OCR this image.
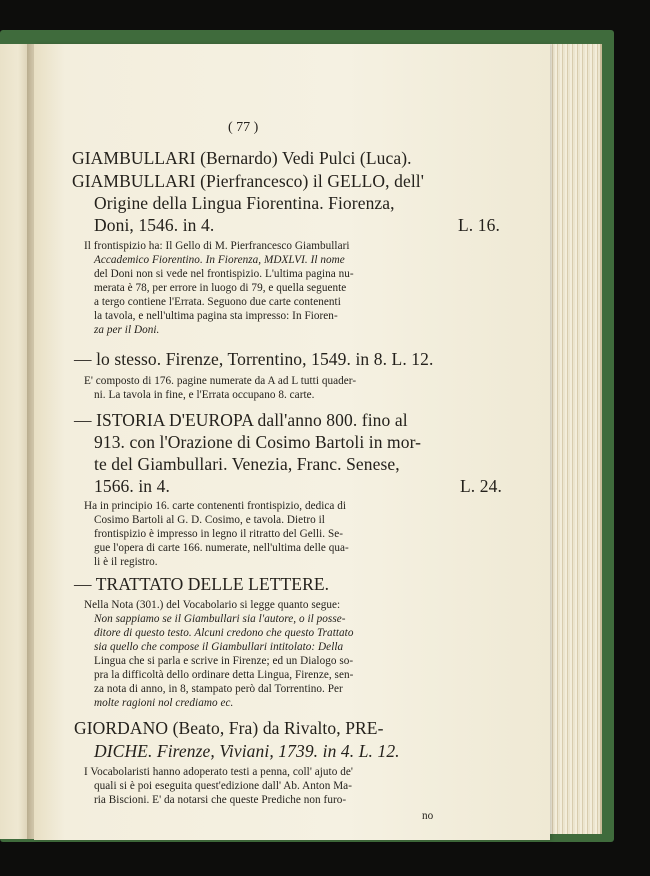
( 77 )
GIAMBULLARI (Bernardo) Vedi Pulci (Luca).
GIAMBULLARI (Pierfrancesco) il GELLO, dell'
Origine della Lingua Fiorentina. Fiorenza,
Doni, 1546. in 4.	L. 16.
Il frontispizio ha: Il Gello di M. Pierfrancesco Giambullari
Accademico Fiorentino. In Fiorenza, MDXLVI. Il nome
del Doni non si vede nel frontispizio. L'ultima pagina nu-
merata è 78, per errore in luogo di 79, e quella seguente
a tergo contiene l'Errata. Seguono due carte contenenti
la tavola, e nell'ultima pagina sta impresso: In Fioren-
za per il Doni.
— lo stesso. Firenze, Torrentino, 1549. in 8. L. 12.
E' composto di 176. pagine numerate da A ad L tutti quader-
ni. La tavola in fine, e l'Errata occupano 8. carte.
— ISTORIA D'EUROPA dall'anno 800. fino al
913. con l'Orazione di Cosimo Bartoli in mor-
te del Giambullari. Venezia, Franc. Senese,
1566. in 4.	L. 24.
Ha in principio 16. carte contenenti frontispizio, dedica di
Cosimo Bartoli al G. D. Cosimo, e tavola. Dietro il
frontispizio è impresso in legno il ritratto del Gelli. Se-
gue l'opera di carte 166. numerate, nell'ultima delle qua-
li è il registro.
— TRATTATO DELLE LETTERE.
Nella Nota (301.) del Vocabolario si legge quanto segue:
Non sappiamo se il Giambullari sia l'autore, o il posse-
ditore di questo testo. Alcuni credono che questo Trattato
sia quello che compose il Giambullari intitolato: Della
Lingua che si parla e scrive in Firenze; ed un Dialogo so-
pra la difficoltà dello ordinare detta Lingua, Firenze, sen-
za nota di anno, in 8, stampato però dal Torrentino. Per
molte ragioni nol crediamo ec.
GIORDANO (Beato, Fra) da Rivalto, PRE-
DICHE. Firenze, Viviani, 1739. in 4. L. 12.
I Vocabolaristi hanno adoperato testi a penna, coll' ajuto de'
quali si è poi eseguita quest'edizione dall' Ab. Anton Ma-
ria Biscioni. E' da notarsi che queste Prediche non furo-
no
